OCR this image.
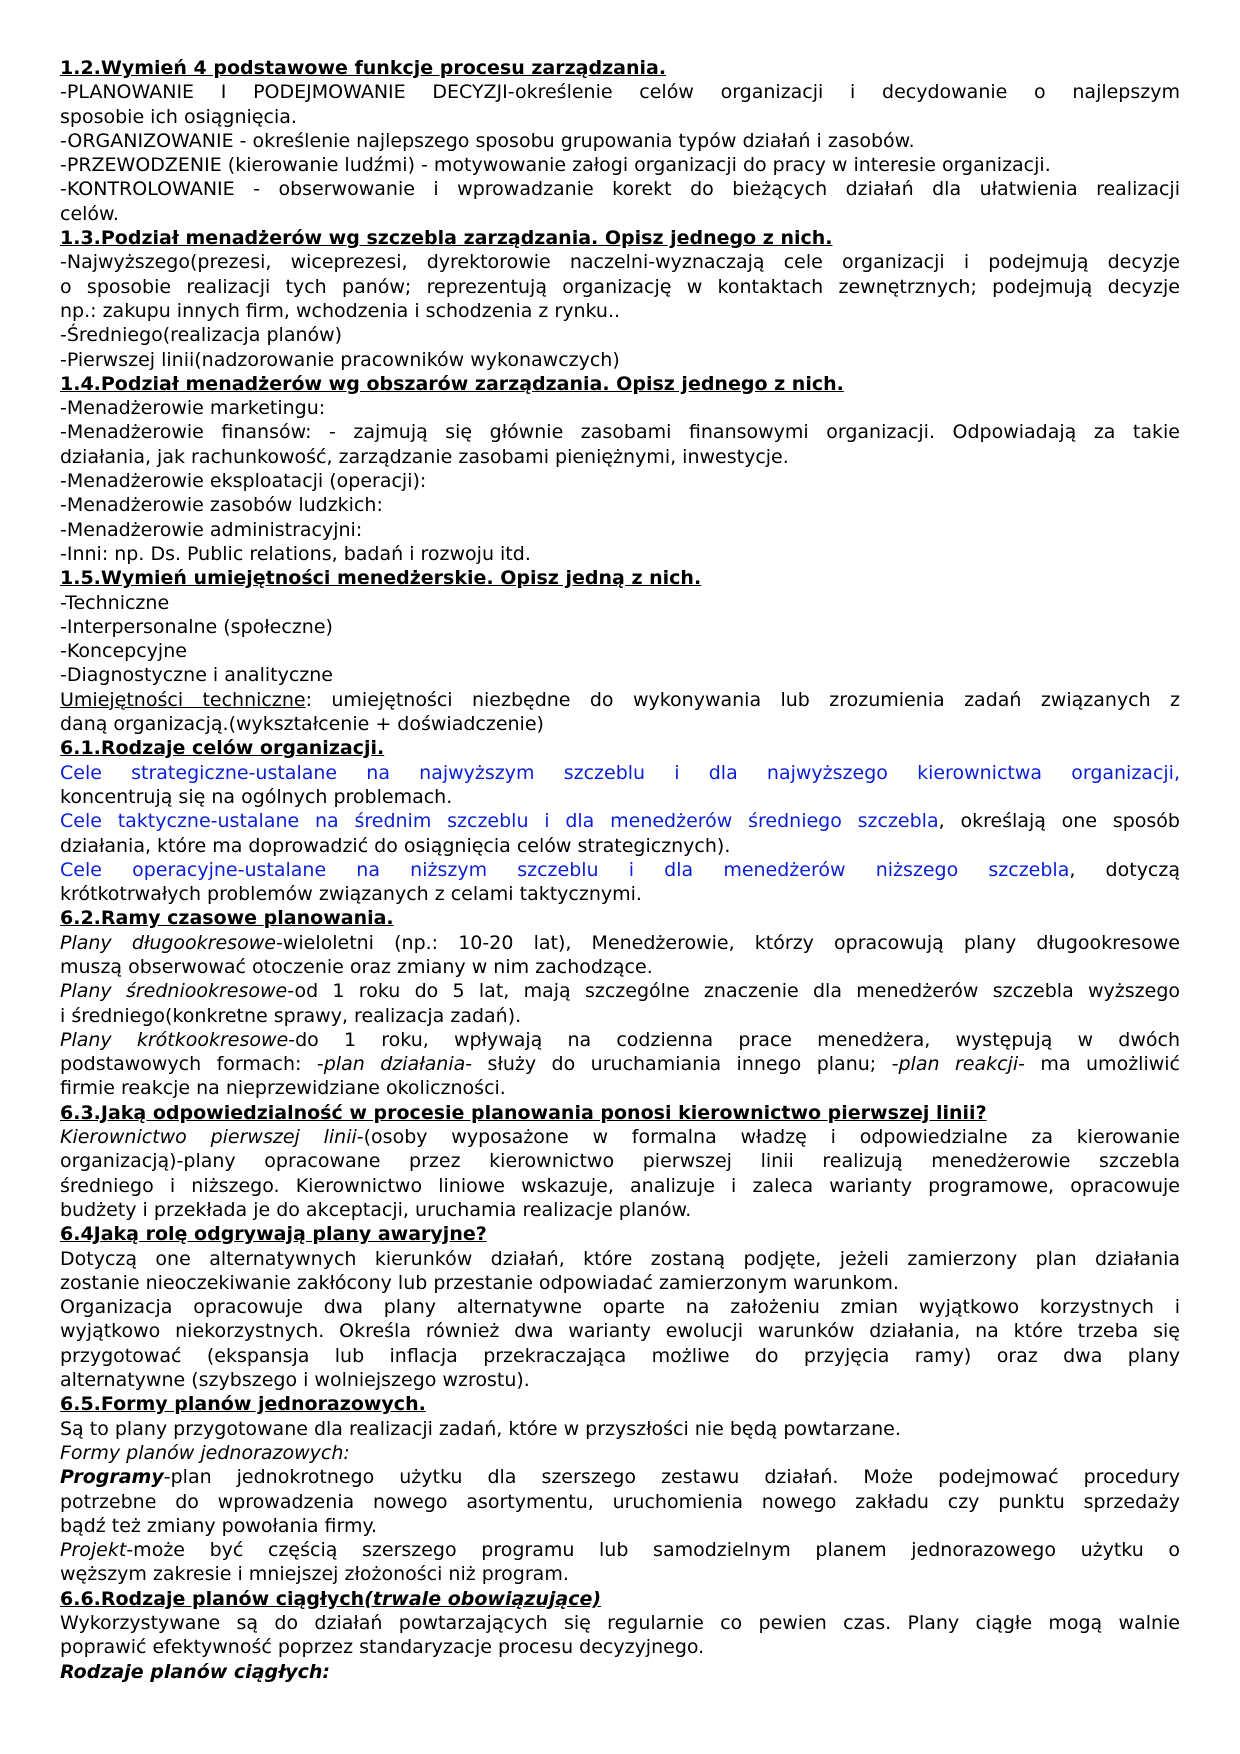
1.2.Wymień 4 podstawowe funkcje procesu zarządzania.
-PLANOWANIE I PODEJMOWANIE DECYZJI-określenie celów organizacji i decydowanie o najlepszym
sposobie ich osiągnięcia.
-ORGANIZOWANIE - określenie najlepszego sposobu grupowania typów działań i zasobów.
-PRZEWODZENIE (kierowanie ludźmi) - motywowanie załogi organizacji do pracy w interesie organizacji.
-KONTROLOWANIE - obserwowanie i wprowadzanie korekt do bieżących działań dla ułatwienia realizacji
celów.
1.3.Podział menadżerów wg szczebla zarządzania. Opisz jednego z nich.
-Najwyższego(prezesi, wiceprezesi, dyrektorowie naczelni-wyznaczają cele organizacji i podejmują decyzje
o sposobie realizacji tych panów; reprezentują organizację w kontaktach zewnętrznych; podejmują decyzje
np.: zakupu innych firm, wchodzenia i schodzenia z rynku..
-Średniego(realizacja planów)
-Pierwszej linii(nadzorowanie pracowników wykonawczych)
1.4.Podział menadżerów wg obszarów zarządzania. Opisz jednego z nich.
-Menadżerowie marketingu:
-Menadżerowie finansów: - zajmują się głównie zasobami finansowymi organizacji. Odpowiadają za takie
działania, jak rachunkowość, zarządzanie zasobami pieniężnymi, inwestycje.
-Menadżerowie eksploatacji (operacji):
-Menadżerowie zasobów ludzkich:
-Menadżerowie administracyjni:
-Inni: np. Ds. Public relations, badań i rozwoju itd.
1.5.Wymień umiejętności menedżerskie. Opisz jedną z nich.
-Techniczne
-Interpersonalne (społeczne)
-Koncepcyjne
-Diagnostyczne i analityczne
Umiejętności techniczne: umiejętności niezbędne do wykonywania lub zrozumienia zadań związanych z
daną organizacją.(wykształcenie + doświadczenie)
6.1.Rodzaje celów organizacji.
Cele strategiczne-ustalane na najwyższym szczeblu i dla najwyższego kierownictwa organizacji,
koncentrują się na ogólnych problemach.
Cele taktyczne-ustalane na średnim szczeblu i dla menedżerów średniego szczebla, określają one sposób
działania, które ma doprowadzić do osiągnięcia celów strategicznych).
Cele operacyjne-ustalane na niższym szczeblu i dla menedżerów niższego szczebla, dotyczą
krótkotrwałych problemów związanych z celami taktycznymi.
6.2.Ramy czasowe planowania.
Plany długookresowe-wieloletni (np.: 10-20 lat), Menedżerowie, którzy opracowują plany długookresowe
muszą obserwować otoczenie oraz zmiany w nim zachodzące.
Plany średniookresowe-od 1 roku do 5 lat, mają szczególne znaczenie dla menedżerów szczebla wyższego
i średniego(konkretne sprawy, realizacja zadań).
Plany krótkookresowe-do 1 roku, wpływają na codzienna prace menedżera, występują w dwóch
podstawowych formach: -plan działania- służy do uruchamiania innego planu; -plan reakcji- ma umożliwić
firmie reakcje na nieprzewidziane okoliczności.
6.3.Jaką odpowiedzialność w procesie planowania ponosi kierownictwo pierwszej linii?
Kierownictwo pierwszej linii-(osoby wyposażone w formalna władzę i odpowiedzialne za kierowanie
organizacją)-plany opracowane przez kierownictwo pierwszej linii realizują menedżerowie szczebla
średniego i niższego. Kierownictwo liniowe wskazuje, analizuje i zaleca warianty programowe, opracowuje
budżety i przekłada je do akceptacji, uruchamia realizacje planów.
6.4Jaką rolę odgrywają plany awaryjne?
Dotyczą one alternatywnych kierunków działań, które zostaną podjęte, jeżeli zamierzony plan działania
zostanie nieoczekiwanie zakłócony lub przestanie odpowiadać zamierzonym warunkom.
Organizacja opracowuje dwa plany alternatywne oparte na założeniu zmian wyjątkowo korzystnych i
wyjątkowo niekorzystnych. Określa również dwa warianty ewolucji warunków działania, na które trzeba się
przygotować (ekspansja lub inflacja przekraczająca możliwe do przyjęcia ramy) oraz dwa plany
alternatywne (szybszego i wolniejszego wzrostu).
6.5.Formy planów jednorazowych.
Są to plany przygotowane dla realizacji zadań, które w przyszłości nie będą powtarzane.
Formy planów jednorazowych:
Programy-plan jednokrotnego użytku dla szerszego zestawu działań. Może podejmować procedury
potrzebne do wprowadzenia nowego asortymentu, uruchomienia nowego zakładu czy punktu sprzedaży
bądź też zmiany powołania firmy.
Projekt-może być częścią szerszego programu lub samodzielnym planem jednorazowego użytku o
węższym zakresie i mniejszej złożoności niż program.
6.6.Rodzaje planów ciągłych(trwale obowiązujące)
Wykorzystywane są do działań powtarzających się regularnie co pewien czas. Plany ciągłe mogą walnie
poprawić efektywność poprzez standaryzacje procesu decyzyjnego.
Rodzaje planów ciągłych:
